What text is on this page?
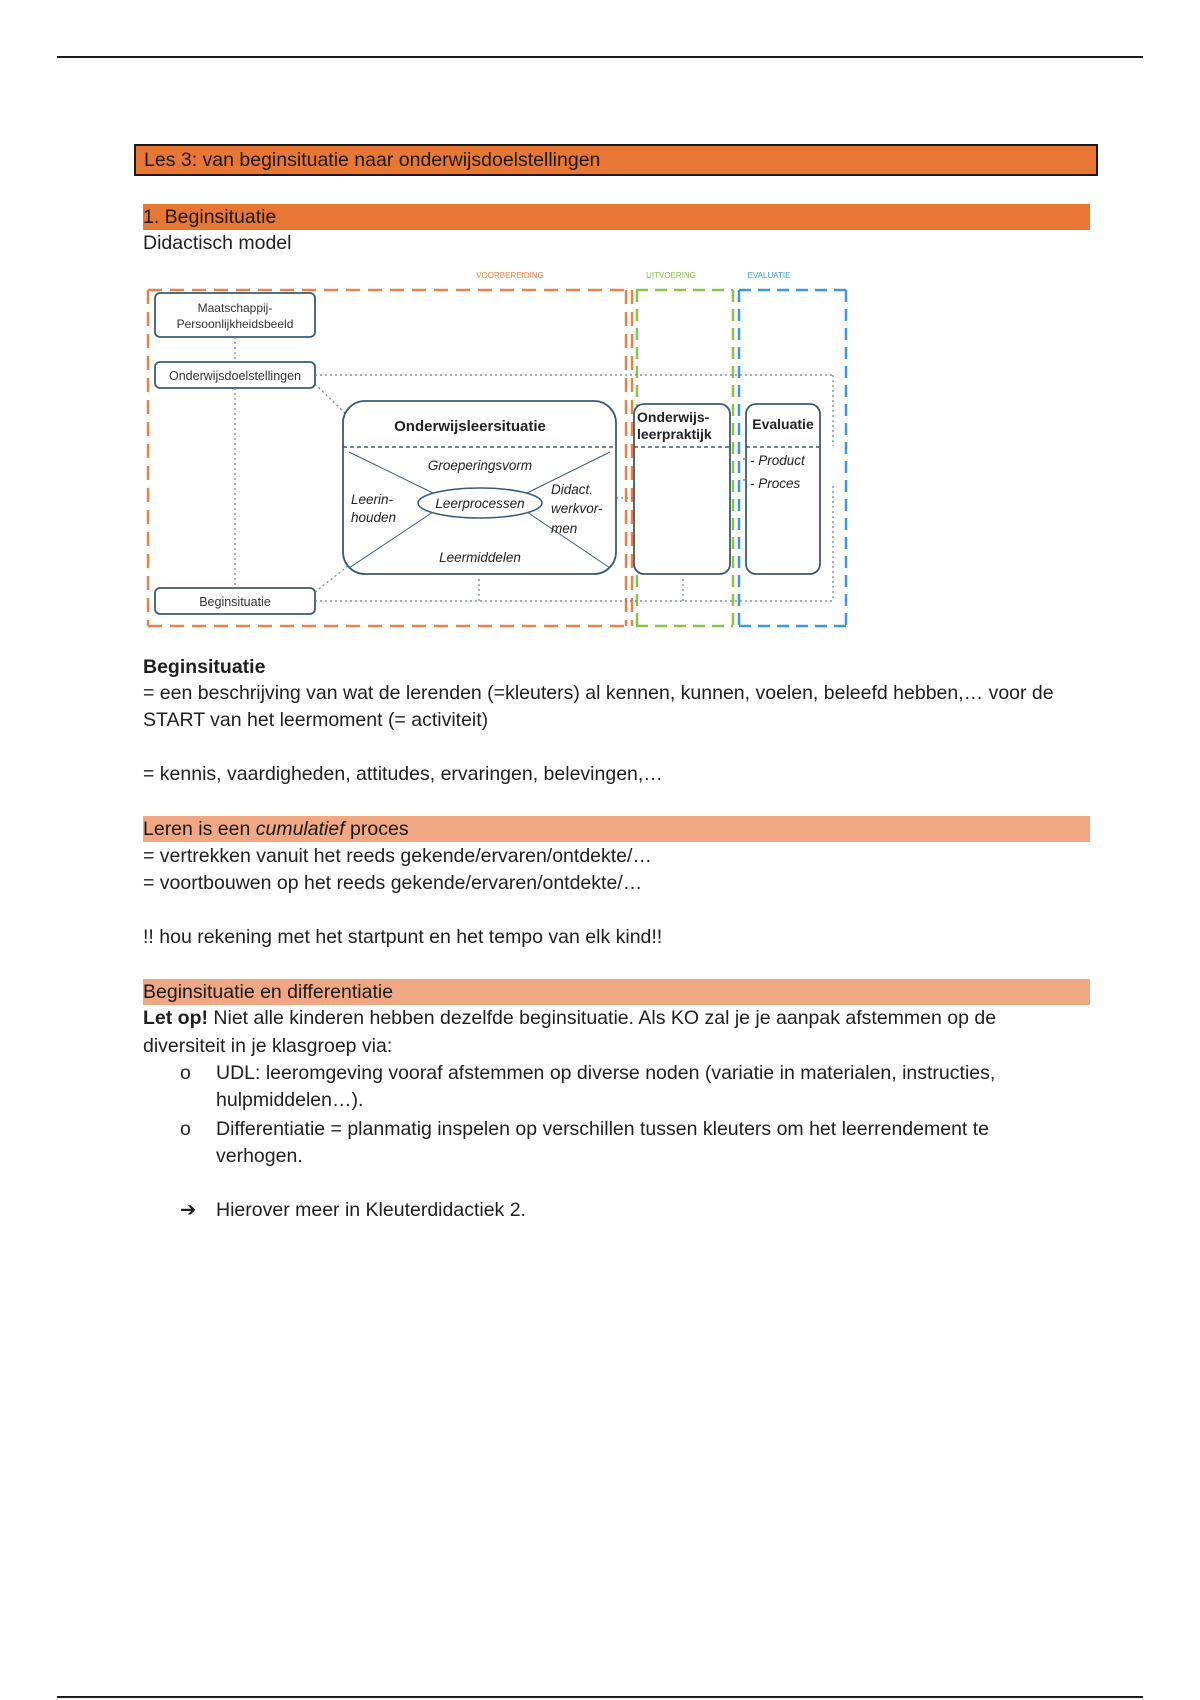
Les 3: van beginsituatie naar onderwijsdoelstellingen
1. Beginsituatie
Didactisch model
VOORBEREIDING	UITVOERING	EVALUATIE
Maatschappij-
Persoonlijkheidsbeeld
Onderwijsdoelstellingen
Beginsituatie
Onderwijsleersituatie
Groeperingsvorm
Leerprocessen
Leerin-
houden
Didact.
werkvor-
men
Leermiddelen
Onderwijs-
leerpraktijk
Evaluatie
- Product
- Proces
Beginsituatie
= een beschrijving van wat de lerenden (=kleuters) al kennen, kunnen, voelen, beleefd hebben,… voor de
START van het leermoment (= activiteit)
= kennis, vaardigheden, attitudes, ervaringen, belevingen,…
Leren is een cumulatief proces
= vertrekken vanuit het reeds gekende/ervaren/ontdekte/…
= voortbouwen op het reeds gekende/ervaren/ontdekte/…
!! hou rekening met het startpunt en het tempo van elk kind!!
Beginsituatie en differentiatie
Let op! Niet alle kinderen hebben dezelfde beginsituatie. Als KO zal je je aanpak afstemmen op de
diversiteit in je klasgroep via:
o UDL: leeromgeving vooraf afstemmen op diverse noden (variatie in materialen, instructies,
hulpmiddelen…).
o Differentiatie = planmatig inspelen op verschillen tussen kleuters om het leerrendement te
verhogen.
➔ Hierover meer in Kleuterdidactiek 2.
